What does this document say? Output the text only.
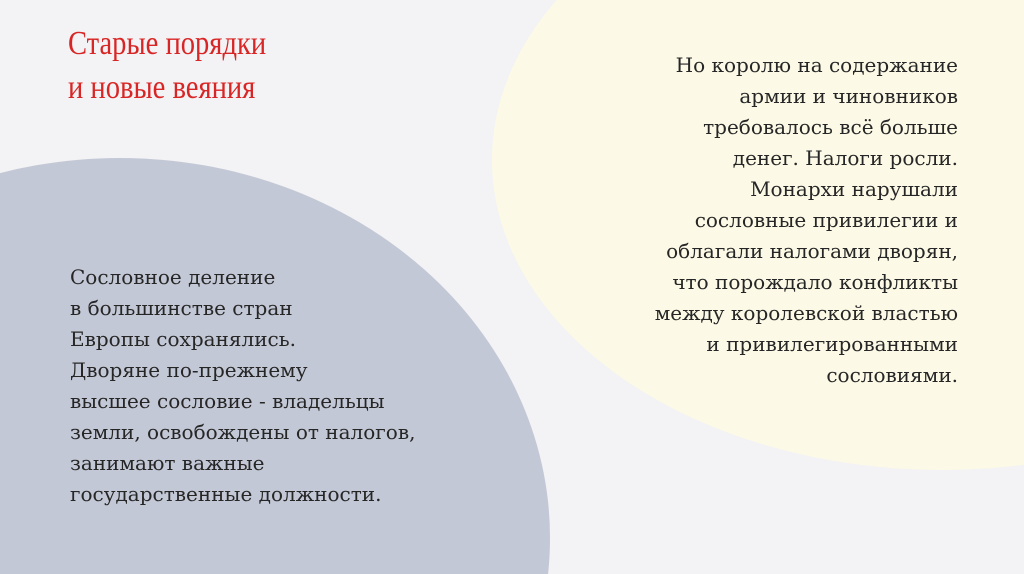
Старые порядки
и новые веяния

Сословное деление
в большинстве стран
Европы сохранялись.
Дворяне по-прежнему
высшее сословие - владельцы
земли, освобождены от налогов,
занимают важные
государственные должности.

Но королю на содержание
армии и чиновников
требовалось всё больше
денег. Налоги росли.
Монархи нарушали
сословные привилегии и
облагали налогами дворян,
что порождало конфликты
между королевской властью
и привилегированными
сословиями.
